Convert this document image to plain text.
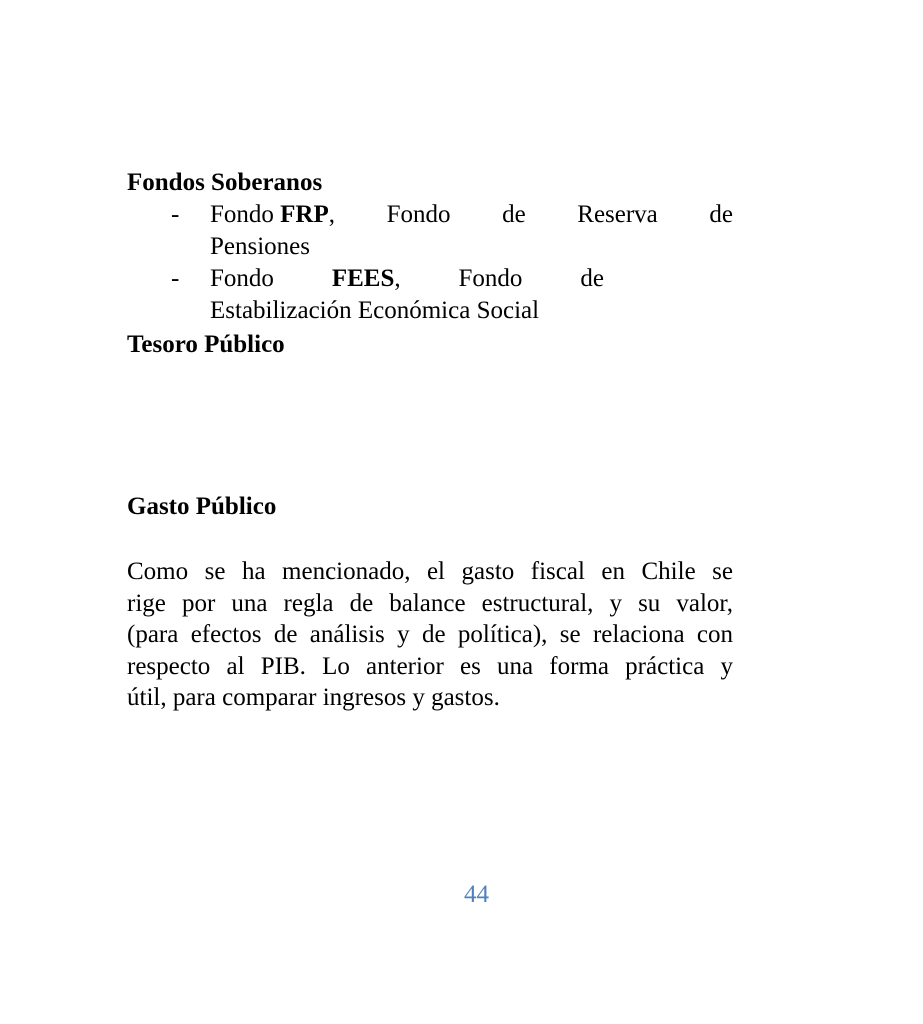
Fondos Soberanos
- Fondo FRP, Fondo de Reserva de
Pensiones
- Fondo FEES, Fondo de
Estabilización Económica Social
Tesoro Público
Gasto Público
Como se ha mencionado, el gasto fiscal en Chile se
rige por una regla de balance estructural, y su valor,
(para efectos de análisis y de política), se relaciona con
respecto al PIB. Lo anterior es una forma práctica y
útil, para comparar ingresos y gastos.
44
